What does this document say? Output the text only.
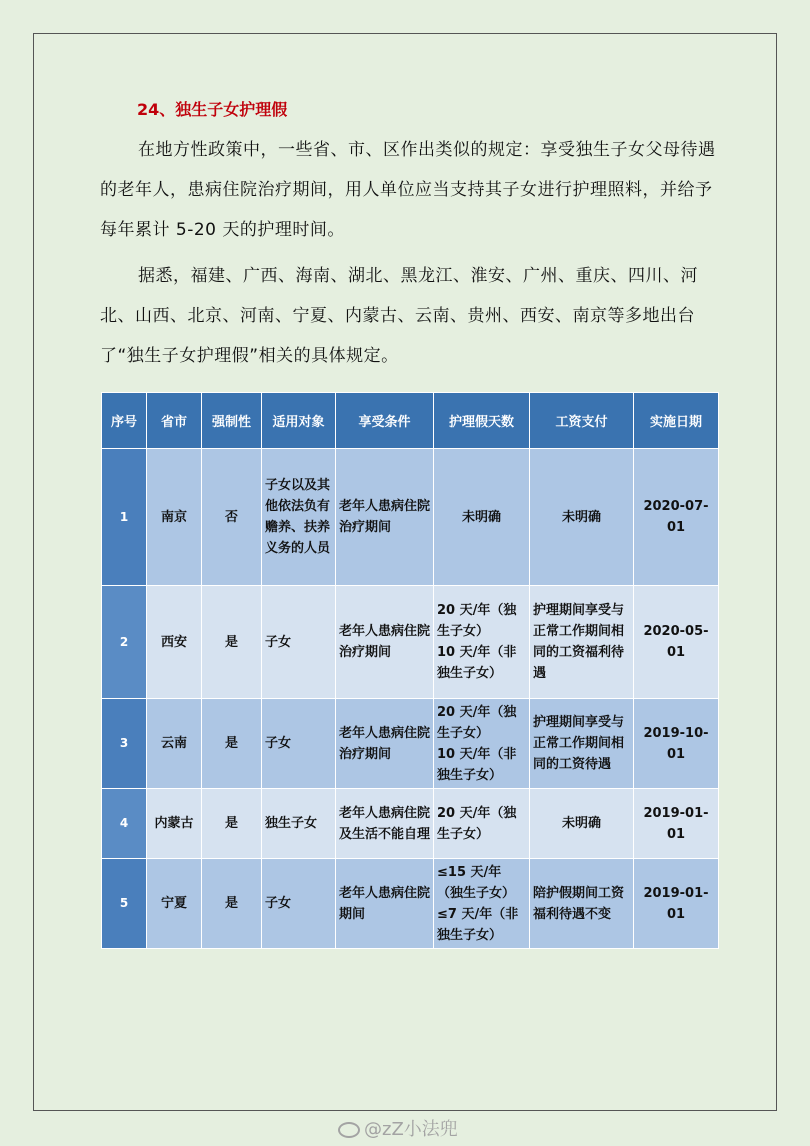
24、独生子女护理假
在地方性政策中，一些省、市、区作出类似的规定：享受独生子女父母待遇的老年人，患病住院治疗期间，用人单位应当支持其子女进行护理照料，并给予每年累计 5-20 天的护理时间。
据悉，福建、广西、海南、湖北、黑龙江、淮安、广州、重庆、四川、河北、山西、北京、河南、宁夏、内蒙古、云南、贵州、西安、南京等多地出台了“独生子女护理假”相关的具体规定。
序号	省市	强制性	适用对象	享受条件	护理假天数	工资支付	实施日期
1	南京	否	子女以及其他依法负有赡养、扶养义务的人员	老年人患病住院治疗期间	未明确	未明确	2020-07-01
2	西安	是	子女	老年人患病住院治疗期间	20 天/年（独生子女）
10 天/年（非独生子女）	护理期间享受与正常工作期间相同的工资福利待遇	2020-05-01
3	云南	是	子女	老年人患病住院治疗期间	20 天/年（独生子女）
10 天/年（非独生子女）	护理期间享受与正常工作期间相同的工资待遇	2019-10-01
4	内蒙古	是	独生子女	老年人患病住院及生活不能自理	20 天/年（独生子女）	未明确	2019-01-01
5	宁夏	是	子女	老年人患病住院期间	≤15 天/年（独生子女）≤7 天/年（非独生子女）	陪护假期间工资福利待遇不变	2019-01-01
@zZ小法兜
